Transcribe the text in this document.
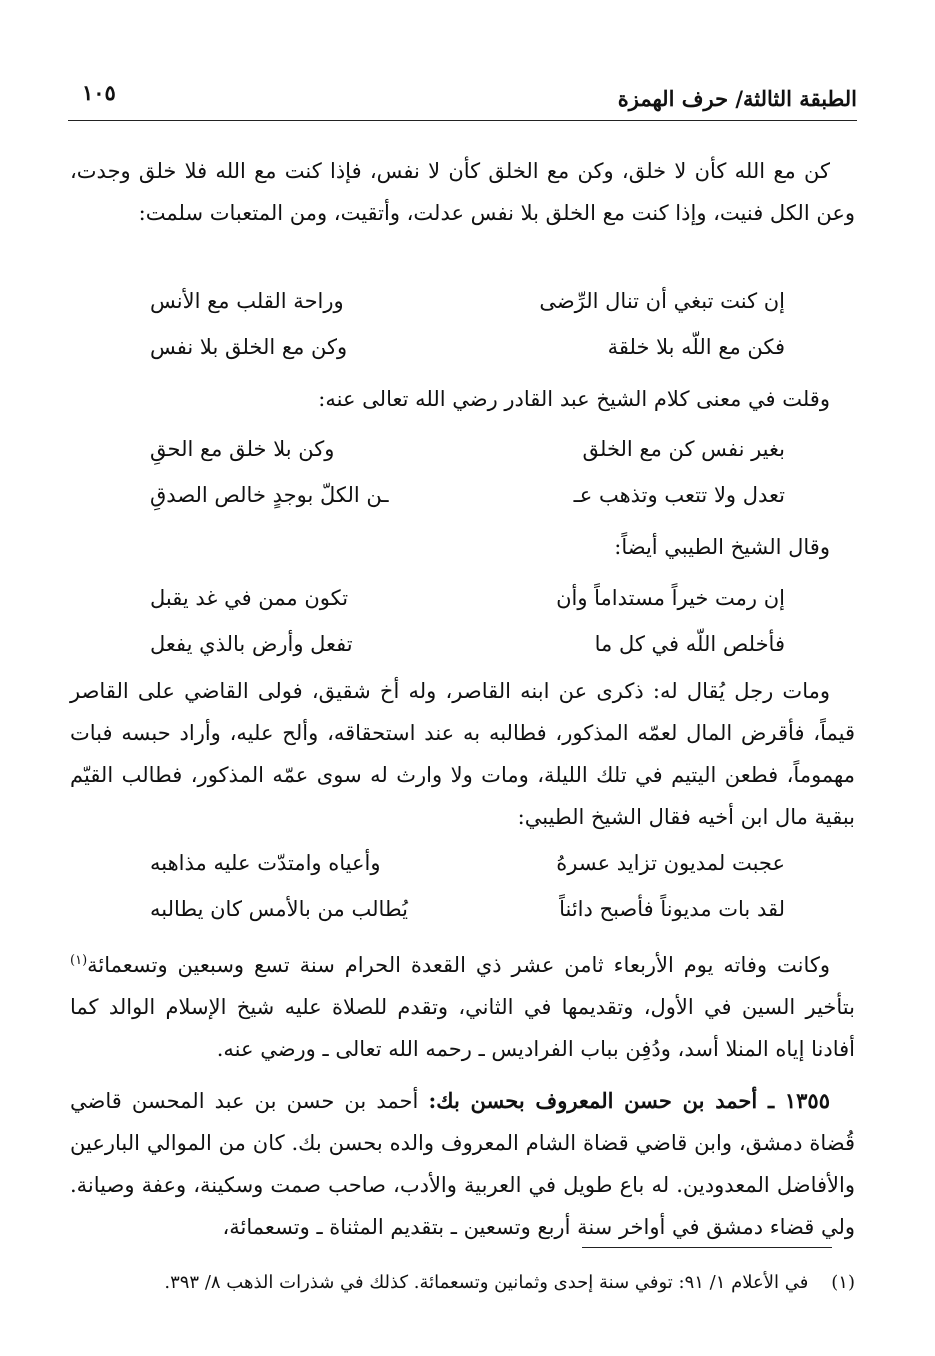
١٠٥	الطبقة الثالثة/ حرف الهمزة

كن مع الله كأن لا خلق، وكن مع الخلق كأن لا نفس، فإذا كنت مع الله فلا خلق وجدت، وعن الكل فنيت، وإذا كنت مع الخلق بلا نفس عدلت، وأتقيت، ومن المتعبات سلمت:

إن كنت تبغي أن تنال الرِّضى
وراحة القلب مع الأنس
فكن مع اللّه بلا خلقة
وكن مع الخلق بلا نفس

وقلت في معنى كلام الشيخ عبد القادر رضي الله تعالى عنه:

بغير نفس كن مع الخلق
وكن بلا خلق مع الحقِ
تعدل ولا تتعب وتذهب عـ
ـن الكلّ بوجدٍ خالص الصدقِ

وقال الشيخ الطيبي أيضاً:

إن رمت خيراً مستداماً وأن
تكون ممن في غد يقبل
فأخلص اللّه في كل ما
تفعل وأرض بالذي يفعل

ومات رجل يُقال له: ذكرى عن ابنه القاصر، وله أخ شقيق، فولى القاضي على القاصر قيماً، فأقرض المال لعمّه المذكور، فطالبه به عند استحقاقه، وألح عليه، وأراد حبسه فبات مهموماً، فطعن اليتيم في تلك الليلة، ومات ولا وارث له سوى عمّه المذكور، فطالب القيّم ببقية مال ابن أخيه فقال الشيخ الطيبي:

عجبت لمديون تزايد عسرهُ
وأعياه وامتدّت عليه مذاهبه
لقد بات مديوناً فأصبح دائناً
يُطالب من بالأمس كان يطالبه

وكانت وفاته يوم الأربعاء ثامن عشر ذي القعدة الحرام سنة تسع وسبعين وتسعمائة$^{(١)}$ بتأخير السين في الأول، وتقديمها في الثاني، وتقدم للصلاة عليه شيخ الإسلام الوالد كما أفادنا إياه المنلا أسد، ودُفِن بباب الفراديس ـ رحمه الله تعالى ـ ورضي عنه.

١٣٥٥ ـ أحمد بن حسن المعروف بحسن بك: أحمد بن حسن بن عبد المحسن قاضي قُضاة دمشق، وابن قاضي قضاة الشام المعروف والده بحسن بك. كان من الموالي البارعين والأفاضل المعدودين. له باع طويل في العربية والأدب، صاحب صمت وسكينة، وعفة وصيانة. ولي قضاء دمشق في أواخر سنة أربع وتسعين ـ بتقديم المثناة ـ وتسعمائة،

(١)    في الأعلام ١/ ٩١: توفي سنة إحدى وثمانين وتسعمائة. كذلك في شذرات الذهب ٨/ ٣٩٣.
